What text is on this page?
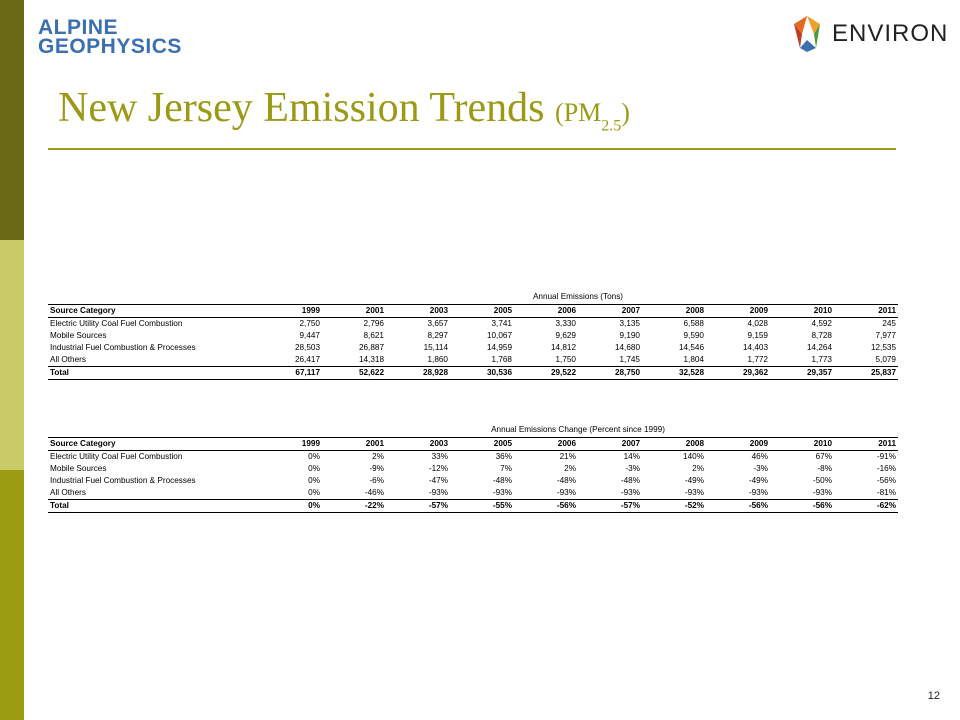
ALPINE
GEOPHYSICS	ENVIRON
New Jersey Emission Trends $(PM_{2.5})$
	Annual Emissions (Tons)									
Source Category	1999	2001	2003	2005	2006	2007	2008	2009	2010	2011
Electric Utility Coal Fuel Combustion	2,750	2,796	3,657	3,741	3,330	3,135	6,588	4,028	4,592	245
Mobile Sources	9,447	8,621	8,297	10,067	9,629	9,190	9,590	9,159	8,728	7,977
Industrial Fuel Combustion & Processes	28,503	26,887	15,114	14,959	14,812	14,680	14,546	14,403	14,264	12,535
All Others	26,417	14,318	1,860	1,768	1,750	1,745	1,804	1,772	1,773	5,079
Total	67,117	52,622	28,928	30,536	29,522	28,750	32,528	29,362	29,357	25,837
	Annual Emissions Change (Percent since 1999)									
Source Category	1999	2001	2003	2005	2006	2007	2008	2009	2010	2011
Electric Utility Coal Fuel Combustion	0%	2%	33%	36%	21%	14%	140%	46%	67%	-91%
Mobile Sources	0%	-9%	-12%	7%	2%	-3%	2%	-3%	-8%	-16%
Industrial Fuel Combustion & Processes	0%	-6%	-47%	-48%	-48%	-48%	-49%	-49%	-50%	-56%
All Others	0%	-46%	-93%	-93%	-93%	-93%	-93%	-93%	-93%	-81%
Total	0%	-22%	-57%	-55%	-56%	-57%	-52%	-56%	-56%	-62%
12
